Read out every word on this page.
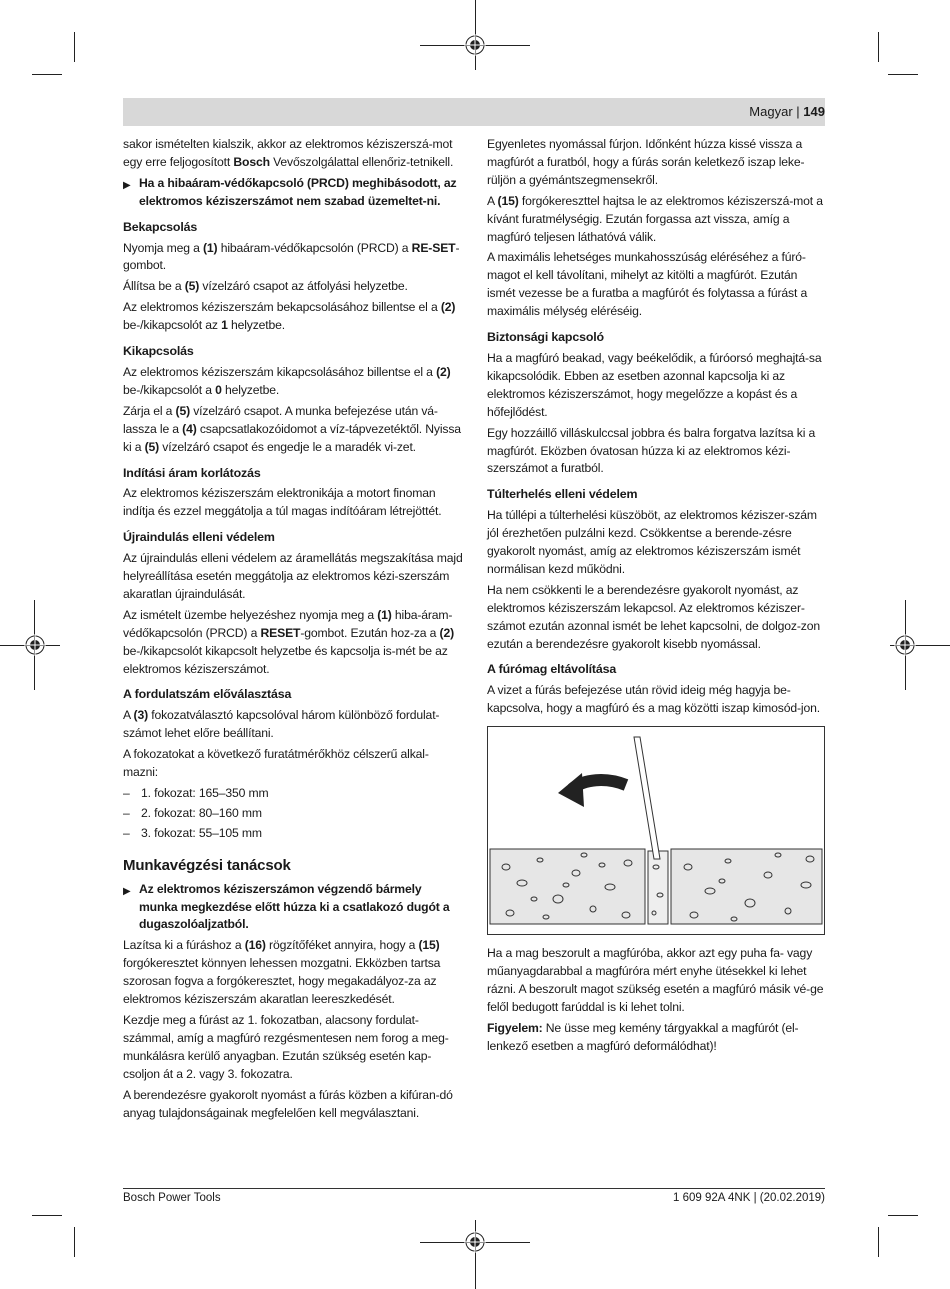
Magyar | 149

sakor ismételten kialszik, akkor az elektromos kéziszerszá-mot egy erre feljogosított Bosch Vevőszolgálattal ellenőriz-tetnikell.

▶ Ha a hibaáram-védőkapcsoló (PRCD) meghibásodott, az elektromos kéziszerszámot nem szabad üzemeltet-ni.
Bekapcsolás

Nyomja meg a (1) hibaáram-védőkapcsolón (PRCD) a RE-SET-gombot.

Állítsa be a (5) vízelzáró csapot az átfolyási helyzetbe.

Az elektromos kéziszerszám bekapcsolásához billentse el a (2) be-/kikapcsolót az 1 helyzetbe.

Kikapcsolás

Az elektromos kéziszerszám kikapcsolásához billentse el a (2) be-/kikapcsolót a 0 helyzetbe.

Zárja el a (5) vízelzáró csapot. A munka befejezése után vá-lassza le a (4) csapcsatlakozóidomot a víz-tápvezetéktől. Nyissa ki a (5) vízelzáró csapot és engedje le a maradék vi-zet.

Indítási áram korlátozás

Az elektromos kéziszerszám elektronikája a motort finoman indítja és ezzel meggátolja a túl magas indítóáram létrejöttét.

Újraindulás elleni védelem

Az újraindulás elleni védelem az áramellátás megszakítása majd helyreállítása esetén meggátolja az elektromos kézi-szerszám akaratlan újraindulását.

Az ismételt üzembe helyezéshez nyomja meg a (1) hiba-áram-védőkapcsolón (PRCD) a RESET-gombot. Ezután hoz-za a (2) be-/kikapcsolót kikapcsolt helyzetbe és kapcsolja is-mét be az elektromos kéziszerszámot.

A fordulatszám előválasztása

A (3) fokozatválasztó kapcsolóval három különböző fordulat-számot lehet előre beállítani.

A fokozatokat a következő furatátmérőkhöz célszerű alkal-mazni:

– 1. fokozat: 165–350 mm
– 2. fokozat: 80–160 mm
– 3. fokozat: 55–105 mm
Munkavégzési tanácsok
▶ Az elektromos kéziszerszámon végzendő bármely munka megkezdése előtt húzza ki a csatlakozó dugót a dugaszolóaljzatból.

Lazítsa ki a fúráshoz a (16) rögzítőféket annyira, hogy a (15) forgókeresztet könnyen lehessen mozgatni. Ekközben tartsa szorosan fogva a forgókeresztet, hogy megakadályoz-za az elektromos kéziszerszám akaratlan leereszkedését.

Kezdje meg a fúrást az 1. fokozatban, alacsony fordulat-számmal, amíg a magfúró rezgésmentesen nem forog a meg-munkálásra kerülő anyagban. Ezután szükség esetén kap-csoljon át a 2. vagy 3. fokozatra.

A berendezésre gyakorolt nyomást a fúrás közben a kifúran-dó anyag tulajdonságainak megfelelően kell megválasztani.

Egyenletes nyomással fúrjon. Időnként húzza kissé vissza a magfúrót a furatból, hogy a fúrás során keletkező iszap leke-rüljön a gyémántszegmensekről.

A (15) forgókereszttel hajtsa le az elektromos kéziszerszá-mot a kívánt furatmélységig. Ezután forgassa azt vissza, amíg a magfúró teljesen láthatóvá válik.

A maximális lehetséges munkahosszúság eléréséhez a fúró-magot el kell távolítani, mihelyt az kitölti a magfúrót. Ezután ismét vezesse be a furatba a magfúrót és folytassa a fúrást a maximális mélység eléréséig.

Biztonsági kapcsoló

Ha a magfúró beakad, vagy beékelődik, a fúróorsó meghajtá-sa kikapcsolódik. Ebben az esetben azonnal kapcsolja ki az elektromos kéziszerszámot, hogy megelőzze a kopást és a hőfejlődést.

Egy hozzáillő villáskulccsal jobbra és balra forgatva lazítsa ki a magfúrót. Eközben óvatosan húzza ki az elektromos kézi-szerszámot a furatból.

Túlterhelés elleni védelem

Ha túllépi a túlterhelési küszöböt, az elektromos kéziszer-szám jól érezhetően pulzálni kezd. Csökkentse a berende-zésre gyakorolt nyomást, amíg az elektromos kéziszerszám ismét normálisan kezd működni.

Ha nem csökkenti le a berendezésre gyakorolt nyomást, az elektromos kéziszerszám lekapcsol. Az elektromos kéziszer-számot ezután azonnal ismét be lehet kapcsolni, de dolgoz-zon ezután a berendezésre gyakorolt kisebb nyomással.

A fúrómag eltávolítása

A vizet a fúrás befejezése után rövid ideig még hagyja be-kapcsolva, hogy a magfúró és a mag közötti iszap kimosód-jon.

Ha a mag beszorult a magfúróba, akkor azt egy puha fa- vagy műanyagdarabbal a magfúróra mért enyhe ütésekkel ki lehet rázni. A beszorult magot szükség esetén a magfúró másik vé-ge felől bedugott farúddal is ki lehet tolni.

Figyelem: Ne üsse meg kemény tárgyakkal a magfúrót (el-lenkező esetben a magfúró deformálódhat)!

Bosch Power Tools	1 609 92A 4NK | (20.02.2019)
